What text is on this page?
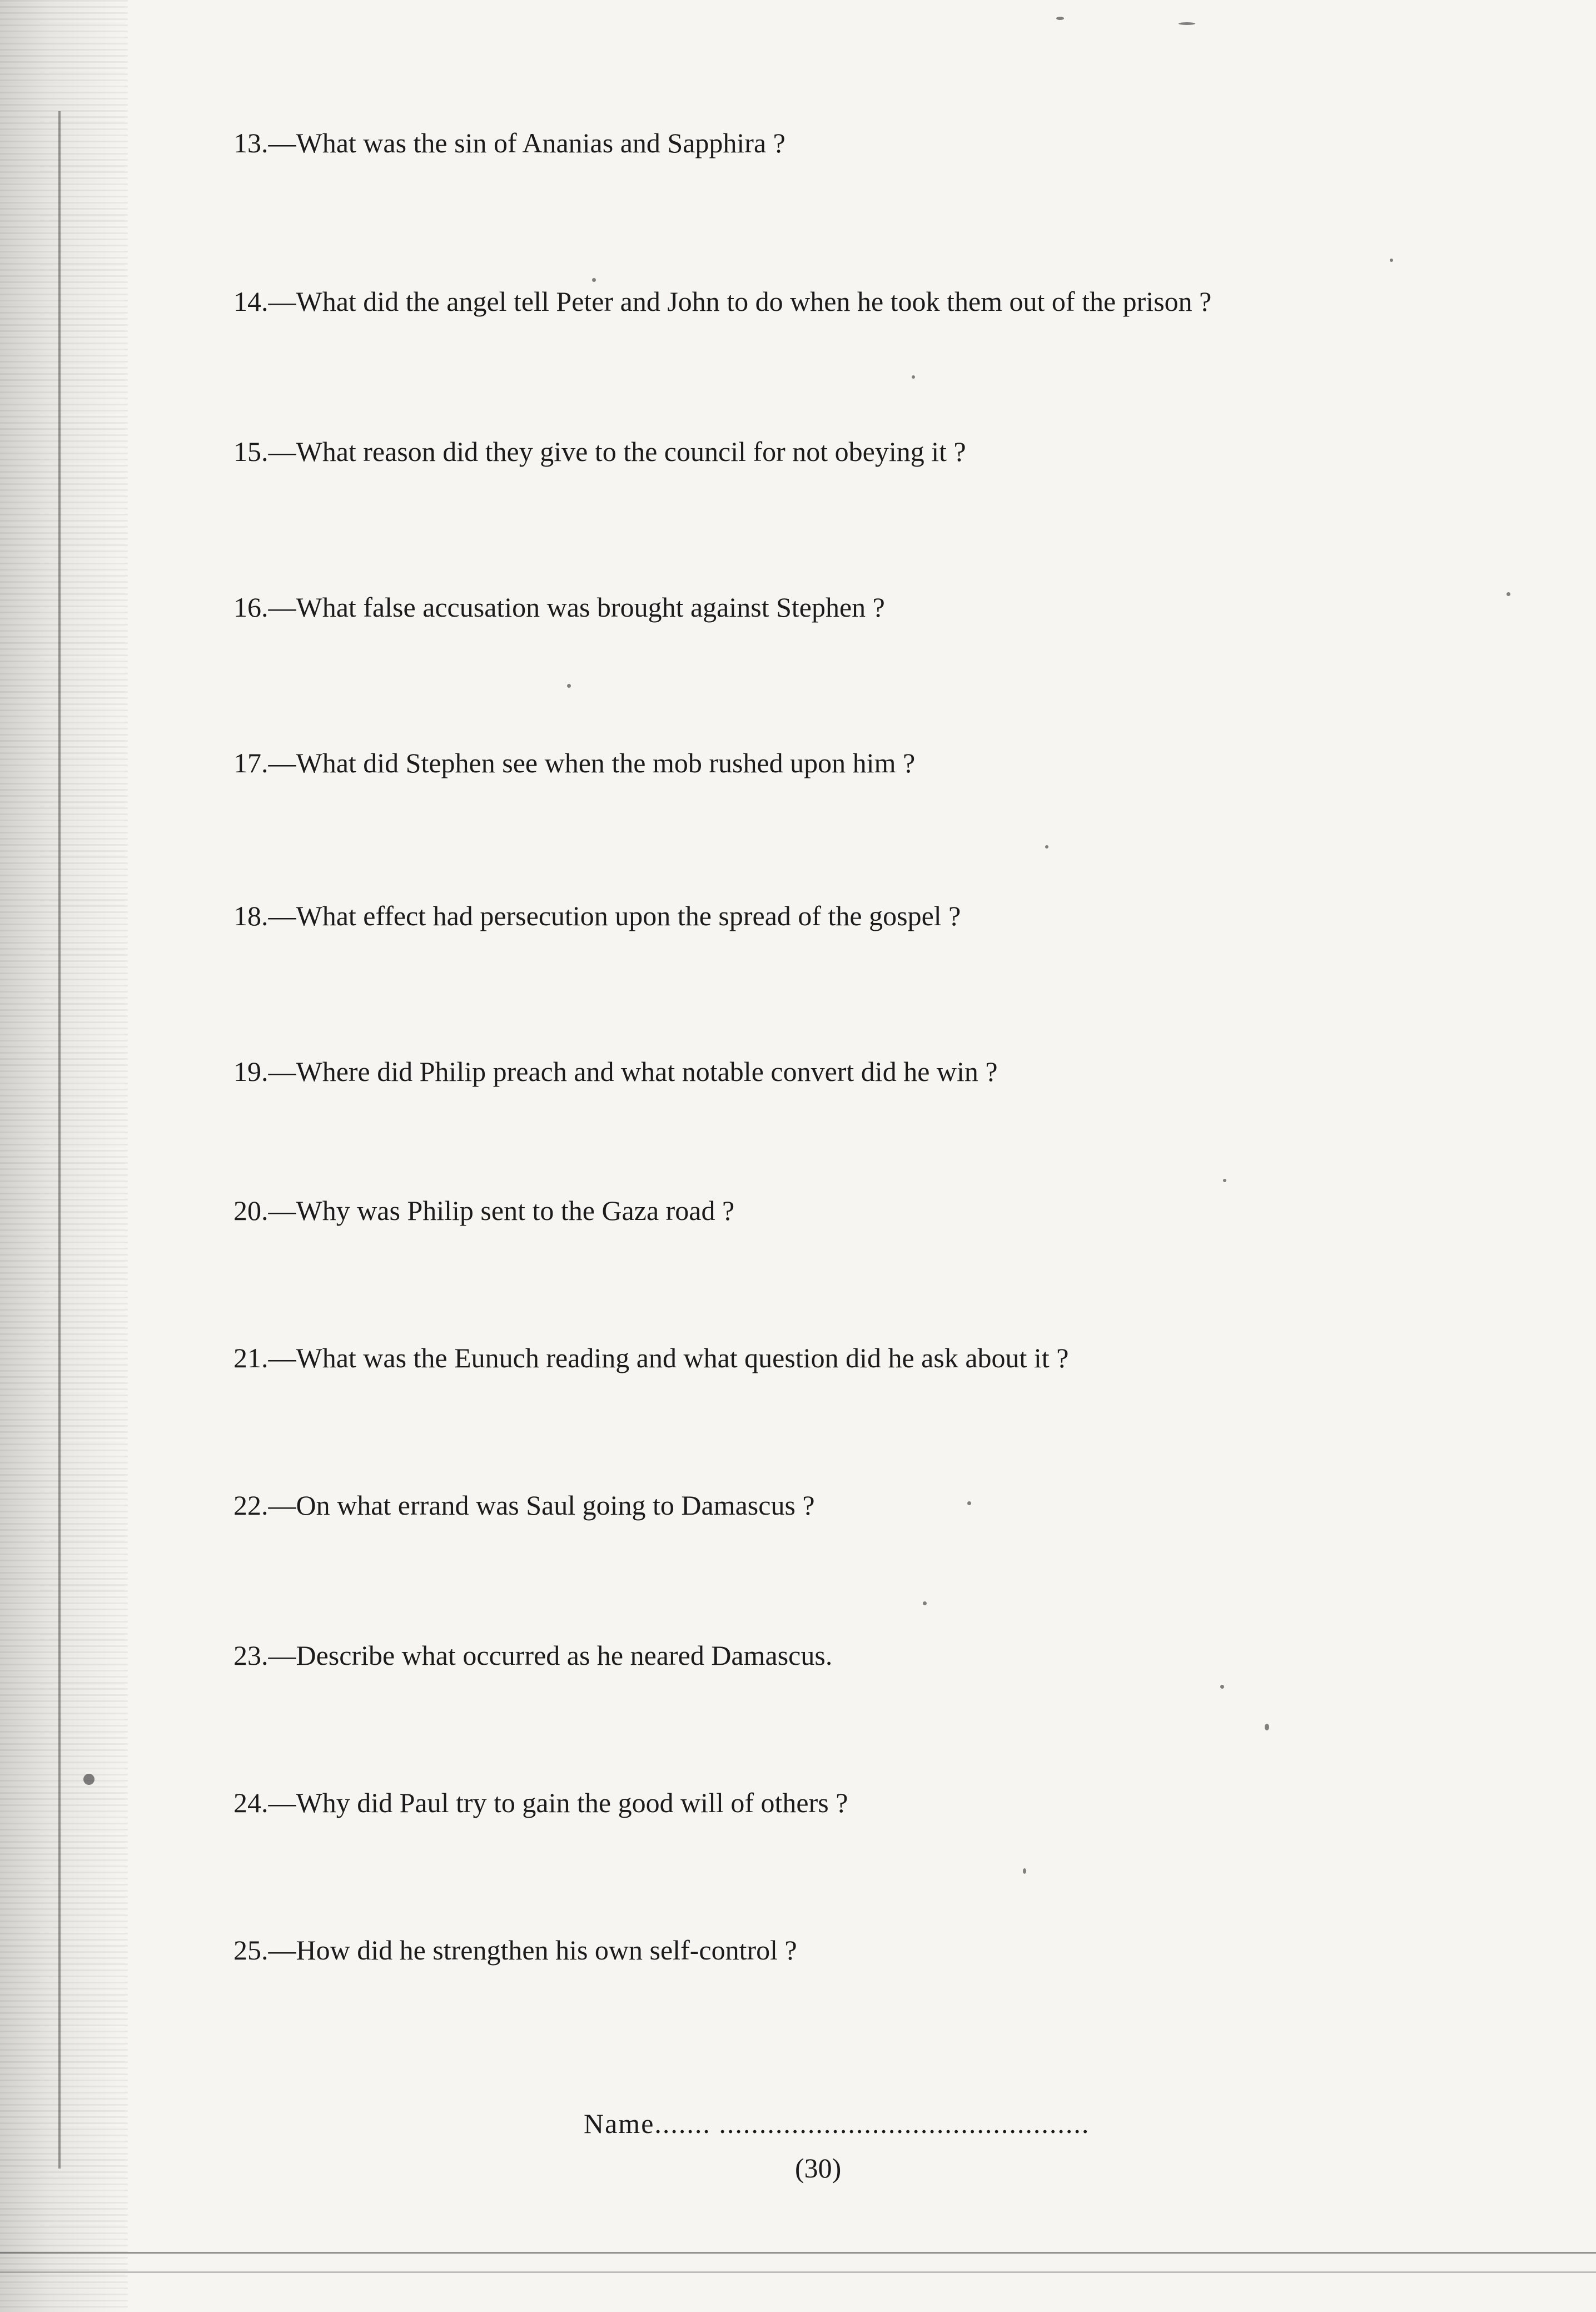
13.—What was the sin of Ananias and Sapphira ?
14.—What did the angel tell Peter and John to do when he took them out of the prison ?
15.—What reason did they give to the council for not obeying it ?
16.—What false accusation was brought against Stephen ?
17.—What did Stephen see when the mob rushed upon him ?
18.—What effect had persecution upon the spread of the gospel ?
19.—Where did Philip preach and what notable convert did he win ?
20.—Why was Philip sent to the Gaza road ?
21.—What was the Eunuch reading and what question did he ask about it ?
22.—On what errand was Saul going to Damascus ?
23.—Describe what occurred as he neared Damascus.
24.—Why did Paul try to gain the good will of others ?
25.—How did he strengthen his own self-control ?
Name....... ..............................................
(30)
